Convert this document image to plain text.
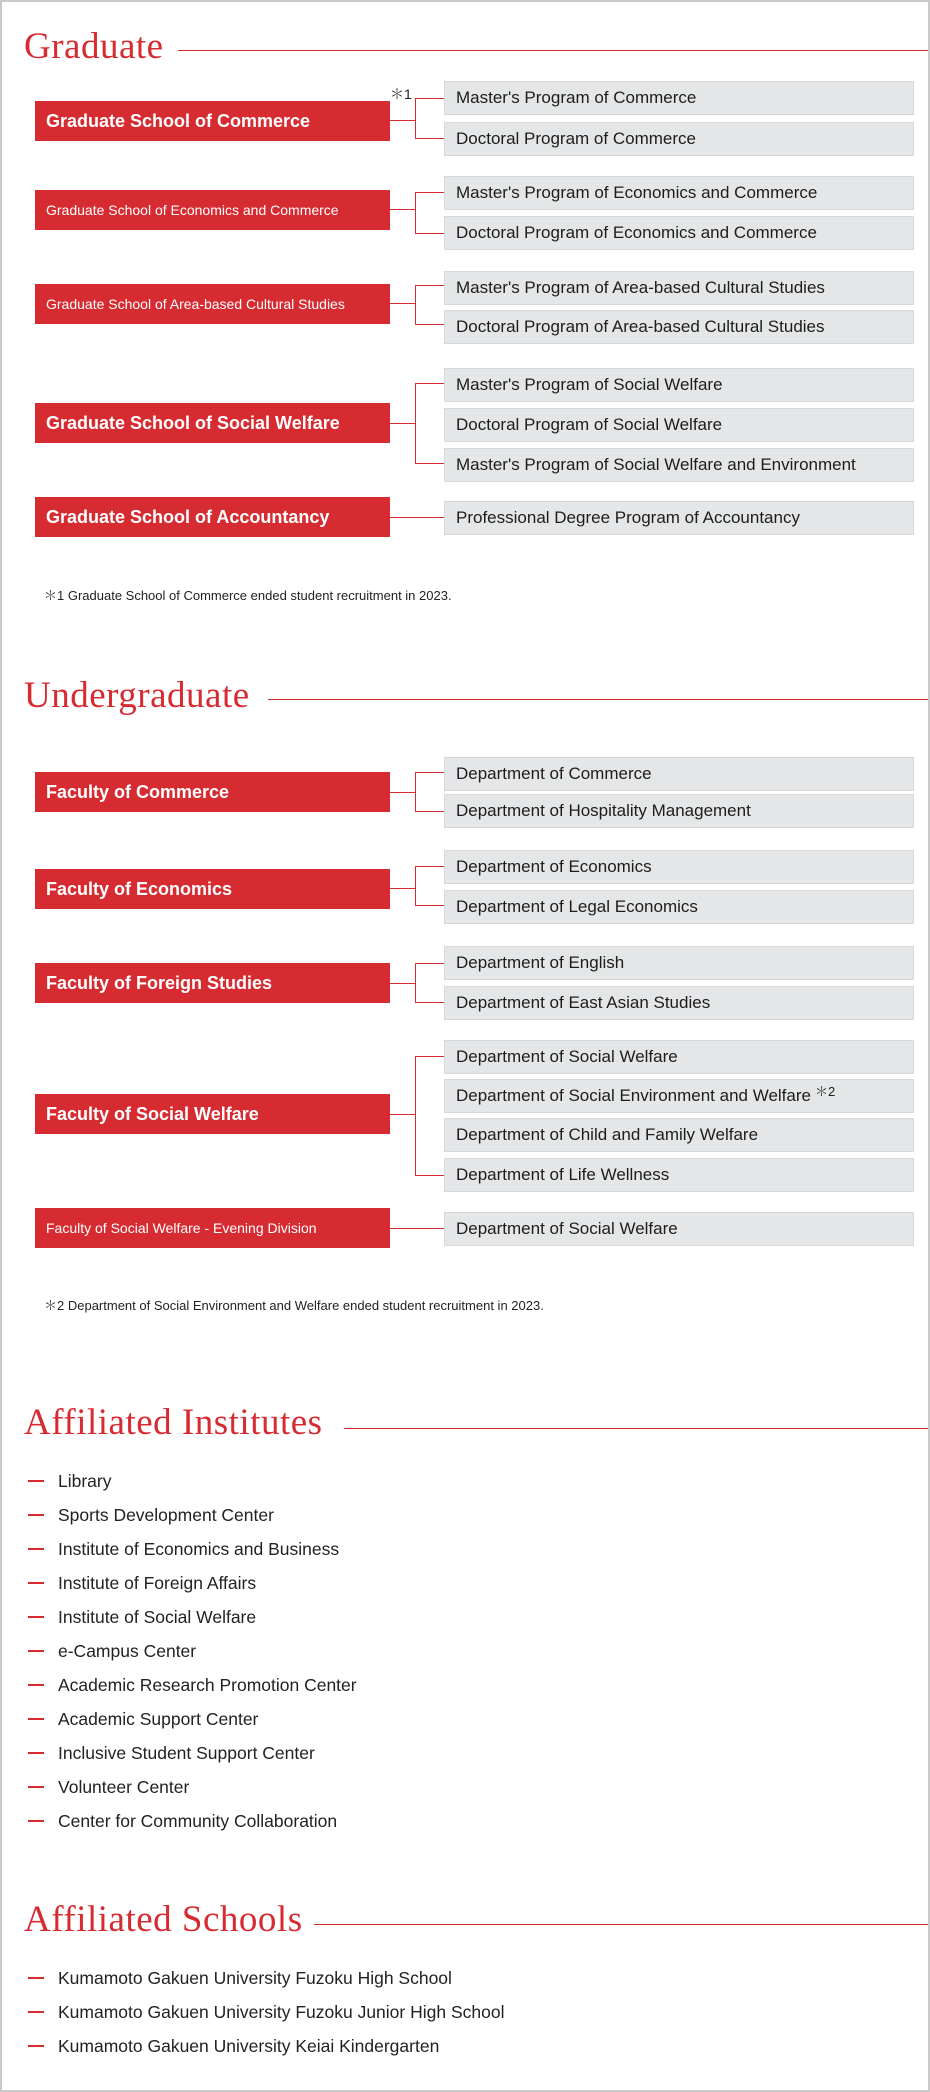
Graduate
＊1
Graduate School of Commerce
Master's Program of Commerce
Doctoral Program of Commerce
Graduate School of Economics and Commerce
Master's Program of Economics and Commerce
Doctoral Program of Economics and Commerce
Graduate School of Area-based Cultural Studies
Master's Program of Area-based Cultural Studies
Doctoral Program of Area-based Cultural Studies
Graduate School of Social Welfare
Master's Program of Social Welfare
Doctoral Program of Social Welfare
Master's Program of Social Welfare and Environment
Graduate School of Accountancy	Professional Degree Program of Accountancy
＊1 Graduate School of Commerce ended student recruitment in 2023.
Undergraduate
Faculty of Commerce
Department of Commerce
Department of Hospitality Management
Faculty of Economics
Department of Economics
Department of Legal Economics
Faculty of Foreign Studies
Department of English
Department of East Asian Studies
Faculty of Social Welfare
Department of Social Welfare
Department of Social Environment and Welfare ＊2
Department of Child and Family Welfare
Department of Life Wellness
Faculty of Social Welfare - Evening Division	Department of Social Welfare
＊2 Department of Social Environment and Welfare ended student recruitment in 2023.
Affiliated Institutes
Library
Sports Development Center
Institute of Economics and Business
Institute of Foreign Affairs
Institute of Social Welfare
e-Campus Center
Academic Research Promotion Center
Academic Support Center
Inclusive Student Support Center
Volunteer Center
Center for Community Collaboration
Affiliated Schools
Kumamoto Gakuen University Fuzoku High School
Kumamoto Gakuen University Fuzoku Junior High School
Kumamoto Gakuen University Keiai Kindergarten
